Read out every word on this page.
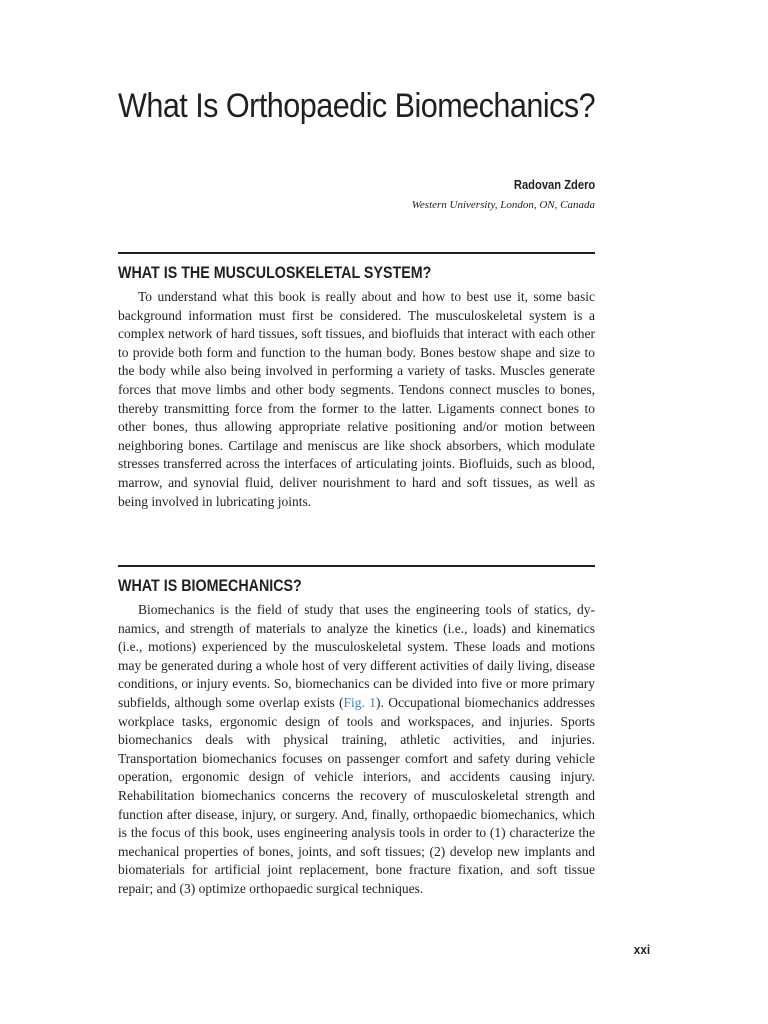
What Is Orthopaedic Biomechanics?
Radovan Zdero
Western University, London, ON, Canada
WHAT IS THE MUSCULOSKELETAL SYSTEM?

To understand what this book is really about and how to best use it, some basic background information must first be considered. The musculoskeletal system is a complex network of hard tissues, soft tissues, and biofluids that interact with each other to provide both form and function to the human body. Bones bestow shape and size to the body while also being involved in performing a variety of tasks. Muscles generate forces that move limbs and other body segments. Tendons connect muscles to bones, thereby transmitting force from the former to the latter. Ligaments connect bones to other bones, thus allowing appropriate relative positioning and/or motion between neighboring bones. Cartilage and meniscus are like shock absorbers, which modulate stresses transferred across the interfaces of articulating joints. Biofluids, such as blood, marrow, and synovial fluid, deliver nourishment to hard and soft tissues, as well as being involved in lubricating joints.

WHAT IS BIOMECHANICS?

Biomechanics is the field of study that uses the engineering tools of statics, dynamics, and strength of materials to analyze the kinetics (i.e., loads) and kinematics (i.e., motions) experienced by the musculoskeletal system. These loads and motions may be generated during a whole host of very different activities of daily living, disease conditions, or injury events. So, biomechanics can be divided into five or more primary subfields, although some overlap exists (Fig. 1). Occupational biomechanics addresses workplace tasks, ergonomic design of tools and workspaces, and injuries. Sports biomechanics deals with physical training, athletic activities, and injuries. Transportation biomechanics focuses on passenger comfort and safety during vehicle operation, ergonomic design of vehicle interiors, and accidents causing injury. Rehabilitation biomechanics concerns the recovery of musculoskeletal strength and function after disease, injury, or surgery. And, finally, orthopaedic biomechanics, which is the focus of this book, uses engineering analysis tools in order to (1) characterize the mechanical properties of bones, joints, and soft tissues; (2) develop new implants and biomaterials for artificial joint replacement, bone fracture fixation, and soft tissue repair; and (3) optimize orthopaedic surgical techniques.

xxi
